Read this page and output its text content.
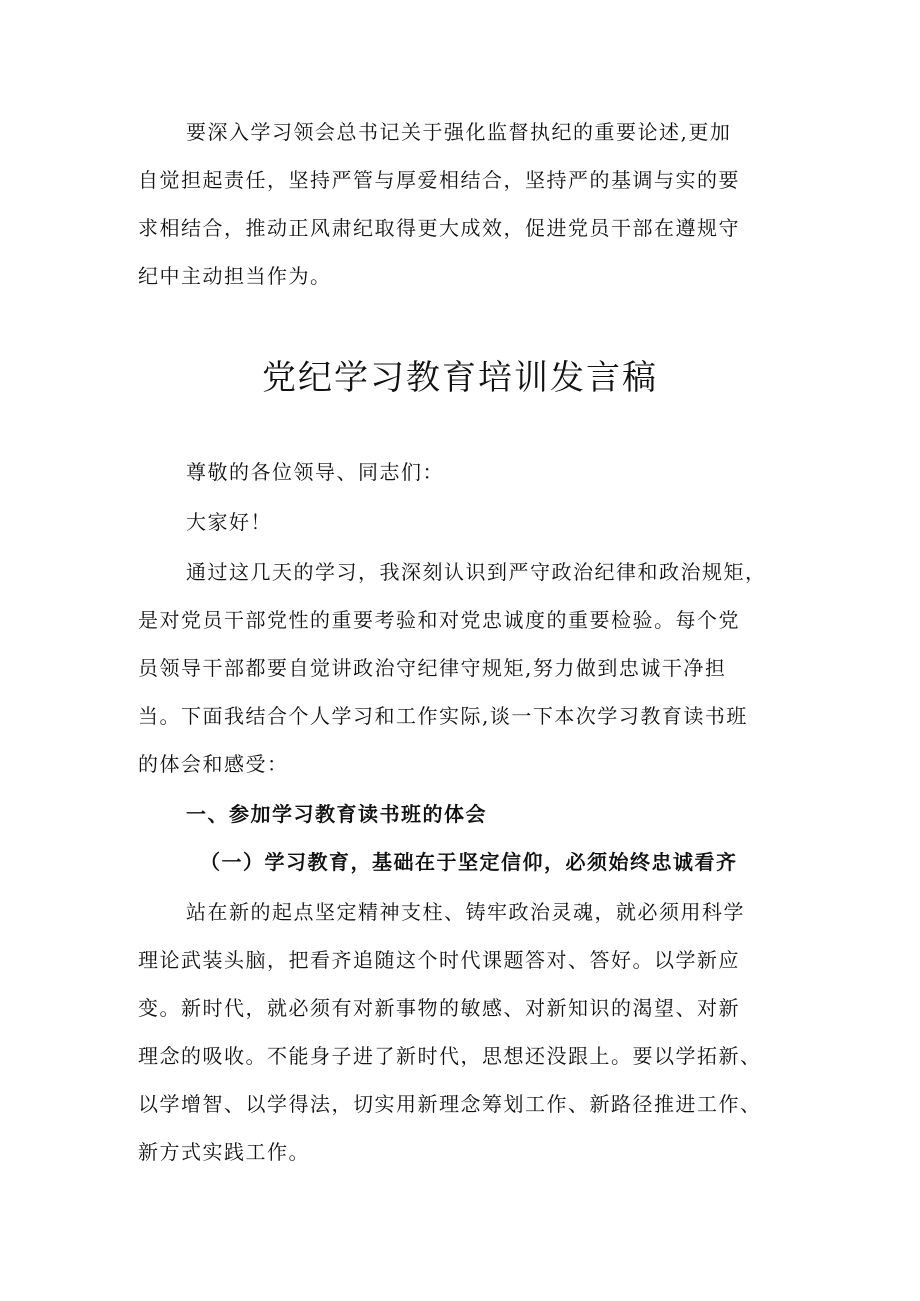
要深入学习领会总书记关于强化监督执纪的重要论述,更加
自觉担起责任，坚持严管与厚爱相结合，坚持严的基调与实的要
求相结合，推动正风肃纪取得更大成效，促进党员干部在遵规守
纪中主动担当作为。
党纪学习教育培训发言稿
尊敬的各位领导、同志们：
大家好！
通过这几天的学习，我深刻认识到严守政治纪律和政治规矩，
是对党员干部党性的重要考验和对党忠诚度的重要检验。每个党
员领导干部都要自觉讲政治守纪律守规矩,努力做到忠诚干净担
当。下面我结合个人学习和工作实际,谈一下本次学习教育读书班
的体会和感受：
一、参加学习教育读书班的体会
（一）学习教育，基础在于坚定信仰，必须始终忠诚看齐
站在新的起点坚定精神支柱、铸牢政治灵魂，就必须用科学
理论武装头脑，把看齐追随这个时代课题答对、答好。以学新应
变。新时代，就必须有对新事物的敏感、对新知识的渴望、对新
理念的吸收。不能身子进了新时代，思想还没跟上。要以学拓新、
以学增智、以学得法，切实用新理念筹划工作、新路径推进工作、
新方式实践工作。
